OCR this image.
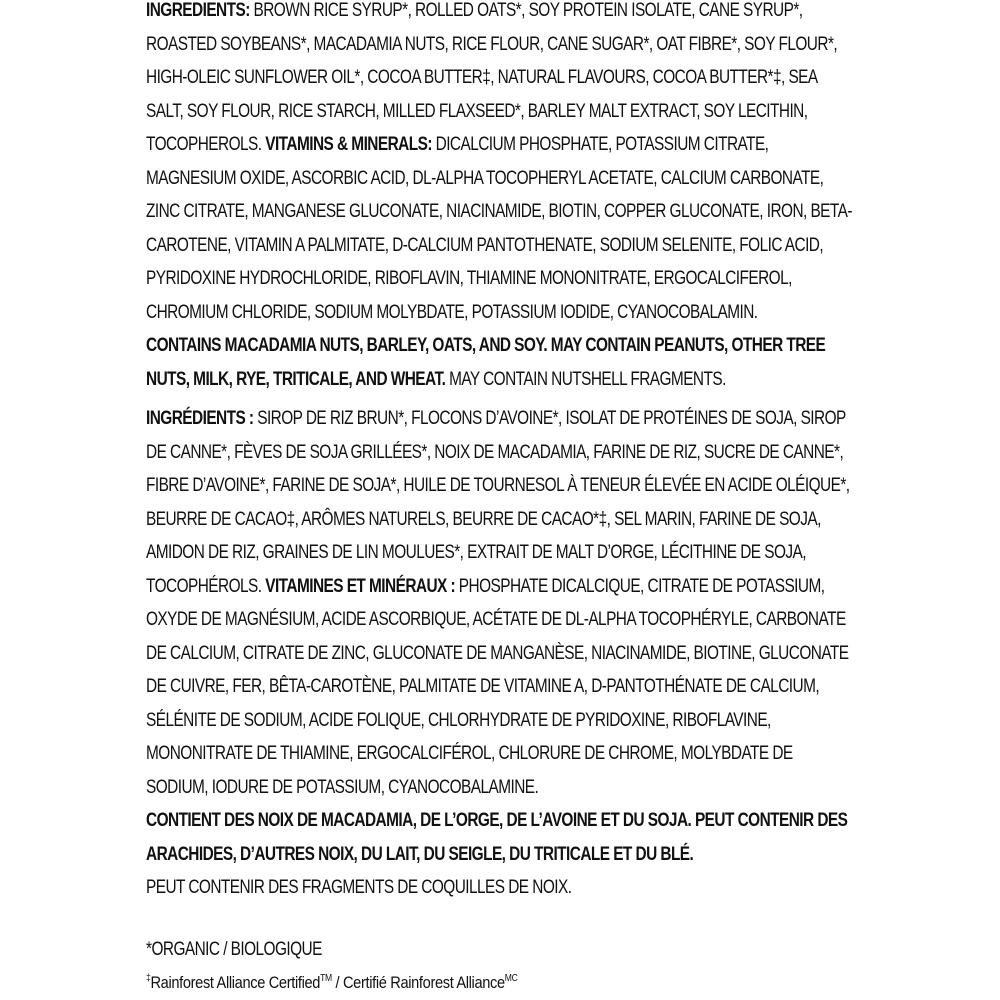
INGREDIENTS: BROWN RICE SYRUP*, ROLLED OATS*, SOY PROTEIN ISOLATE, CANE SYRUP*, ROASTED SOYBEANS*, MACADAMIA NUTS, RICE FLOUR, CANE SUGAR*, OAT FIBRE*, SOY FLOUR*, HIGH-OLEIC SUNFLOWER OIL*, COCOA BUTTER‡, NATURAL FLAVOURS, COCOA BUTTER*‡, SEA SALT, SOY FLOUR, RICE STARCH, MILLED FLAXSEED*, BARLEY MALT EXTRACT, SOY LECITHIN, TOCOPHEROLS. VITAMINS & MINERALS: DICALCIUM PHOSPHATE, POTASSIUM CITRATE, MAGNESIUM OXIDE, ASCORBIC ACID, DL-ALPHA TOCOPHERYL ACETATE, CALCIUM CARBONATE, ZINC CITRATE, MANGANESE GLUCONATE, NIACINAMIDE, BIOTIN, COPPER GLUCONATE, IRON, BETA-CAROTENE, VITAMIN A PALMITATE, D-CALCIUM PANTOTHENATE, SODIUM SELENITE, FOLIC ACID, PYRIDOXINE HYDROCHLORIDE, RIBOFLAVIN, THIAMINE MONONITRATE, ERGOCALCIFEROL, CHROMIUM CHLORIDE, SODIUM MOLYBDATE, POTASSIUM IODIDE, CYANOCOBALAMIN.

CONTAINS MACADAMIA NUTS, BARLEY, OATS, AND SOY. MAY CONTAIN PEANUTS, OTHER TREE NUTS, MILK, RYE, TRITICALE, AND WHEAT. MAY CONTAIN NUTSHELL FRAGMENTS.

INGRÉDIENTS : SIROP DE RIZ BRUN*, FLOCONS D’AVOINE*, ISOLAT DE PROTÉINES DE SOJA, SIROP DE CANNE*, FÈVES DE SOJA GRILLÉES*, NOIX DE MACADAMIA, FARINE DE RIZ, SUCRE DE CANNE*, FIBRE D’AVOINE*, FARINE DE SOJA*, HUILE DE TOURNESOL À TENEUR ÉLEVÉE EN ACIDE OLÉIQUE*, BEURRE DE CACAO‡, ARÔMES NATURELS, BEURRE DE CACAO*‡, SEL MARIN, FARINE DE SOJA, AMIDON DE RIZ, GRAINES DE LIN MOULUES*, EXTRAIT DE MALT D’ORGE, LÉCITHINE DE SOJA, TOCOPHÉROLS. VITAMINES ET MINÉRAUX : PHOSPHATE DICALCIQUE, CITRATE DE POTASSIUM, OXYDE DE MAGNÉSIUM, ACIDE ASCORBIQUE, ACÉTATE DE DL-ALPHA TOCOPHÉRYLE, CARBONATE DE CALCIUM, CITRATE DE ZINC, GLUCONATE DE MANGANÈSE, NIACINAMIDE, BIOTINE, GLUCONATE DE CUIVRE, FER, BÊTA-CAROTÈNE, PALMITATE DE VITAMINE A, D-PANTOTHÉNATE DE CALCIUM, SÉLÉNITE DE SODIUM, ACIDE FOLIQUE, CHLORHYDRATE DE PYRIDOXINE, RIBOFLAVINE, MONONITRATE DE THIAMINE, ERGOCALCIFÉROL, CHLORURE DE CHROME, MOLYBDATE DE SODIUM, IODURE DE POTASSIUM, CYANOCOBALAMINE.

CONTIENT DES NOIX DE MACADAMIA, DE L’ORGE, DE L’AVOINE ET DU SOJA. PEUT CONTENIR DES ARACHIDES, D’AUTRES NOIX, DU LAIT, DU SEIGLE, DU TRITICALE ET DU BLÉ.

PEUT CONTENIR DES FRAGMENTS DE COQUILLES DE NOIX.

*ORGANIC / BIOLOGIQUE
‡Rainforest Alliance Certified™ / Certifié Rainforest Alliance$^{MC}$
